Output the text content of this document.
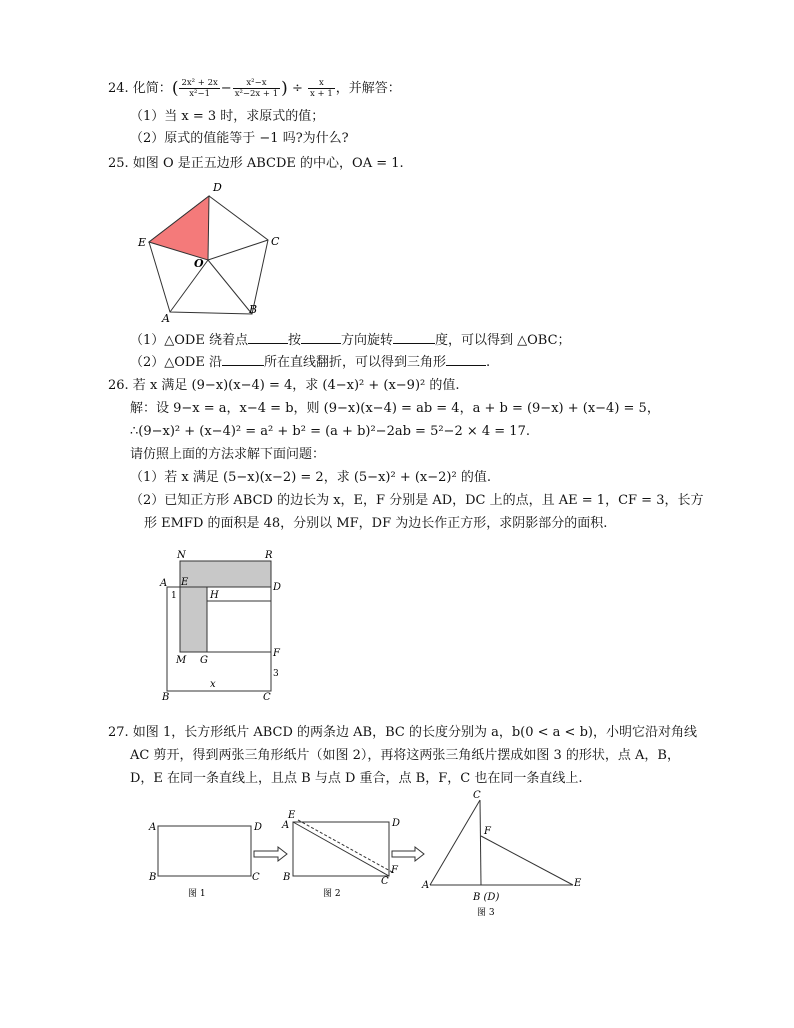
24. 化简：( $\frac{\text{2x² + 2x}}{\text{x²−1}} - \frac{\text{x²−x}}{\text{x²−2x + 1}}$ ) ÷ $\frac{x}{x + 1}$ ，并解答：
（1）当 x = 3 时，求原式的值；
（2）原式的值能等于 −1 吗?为什么?
25. 如图 O 是正五边形 ABCDE 的中心，OA = 1.
D
C
E
O
A
B
（1）△ODE 绕着点	按	方向旋转	度，可以得到 △OBC；
（2）△ODE 沿	所在直线翻折，可以得到三角形	.
26. 若 x 满足 (9−x)(x−4) = 4，求 (4−x)² + (x−9)² 的值.
解：设 9−x = a，x−4 = b，则 (9−x)(x−4) = ab = 4，a + b = (9−x) + (x−4) = 5，
∴(9−x)² + (x−4)² = a² + b² = (a + b)²−2ab = 5²−2 × 4 = 17.
请仿照上面的方法求解下面问题：
（1）若 x 满足 (5−x)(x−2) = 2，求 (5−x)² + (x−2)² 的值.
（2）已知正方形 ABCD 的边长为 x，E，F 分别是 AD，DC 上的点，且 AE = 1，CF = 3，长方
形 EMFD 的面积是 48，分别以 MF，DF 为边长作正方形，求阴影部分的面积.
N	R
A E	D
H
1
M G
F
3
x
B	C
27. 如图 1，长方形纸片 ABCD 的两条边 AB，BC 的长度分别为 a，b(0 < a < b)，小明它沿对角线
AC 剪开，得到两张三角形纸片（如图 2），再将这两张三角纸片摆成如图 3 的形状，点 A，B，
D，E 在同一条直线上，且点 B 与点 D 重合，点 B，F，C 也在同一条直线上.
A	D
B	C
图 1
E
A	D
B
F
C
图 2
C
F
A	E
B (D)
图 3
